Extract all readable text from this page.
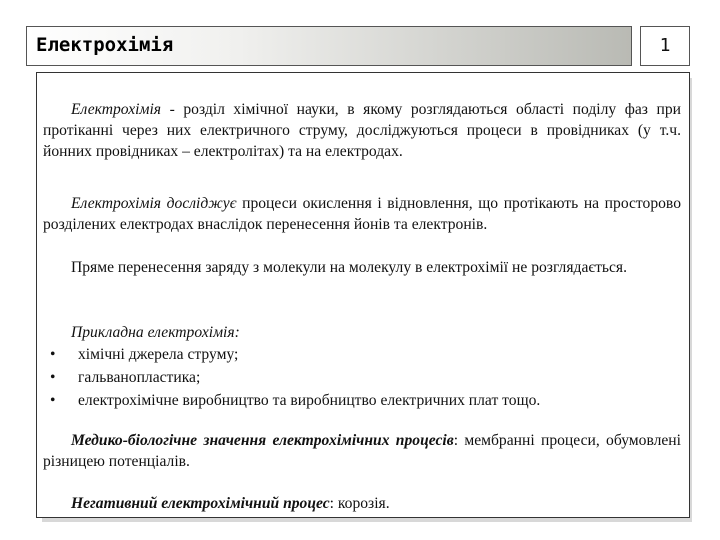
Електрохімія	1

Електрохімія - розділ хімічної науки, в якому розглядаються області поділу фаз при протіканні через них електричного струму, досліджуються процеси в провідниках (у т.ч. йонних провідниках – електролітах) та на електродах.

Електрохімія досліджує процеси окислення і відновлення, що протікають на просторово розділених електродах внаслідок перенесення йонів та електронів.

Пряме перенесення заряду з молекули на молекулу в електрохімії не розглядається.

Прикладна електрохімія:

• хімічні джерела струму;
• гальванопластика;
• електрохімічне виробництво та виробництво електричних плат тощо.

Медико-біологічне значення електрохімічних процесів: мембранні процеси, обумовлені різницею потенціалів.

Негативний електрохімічний процес: корозія.
